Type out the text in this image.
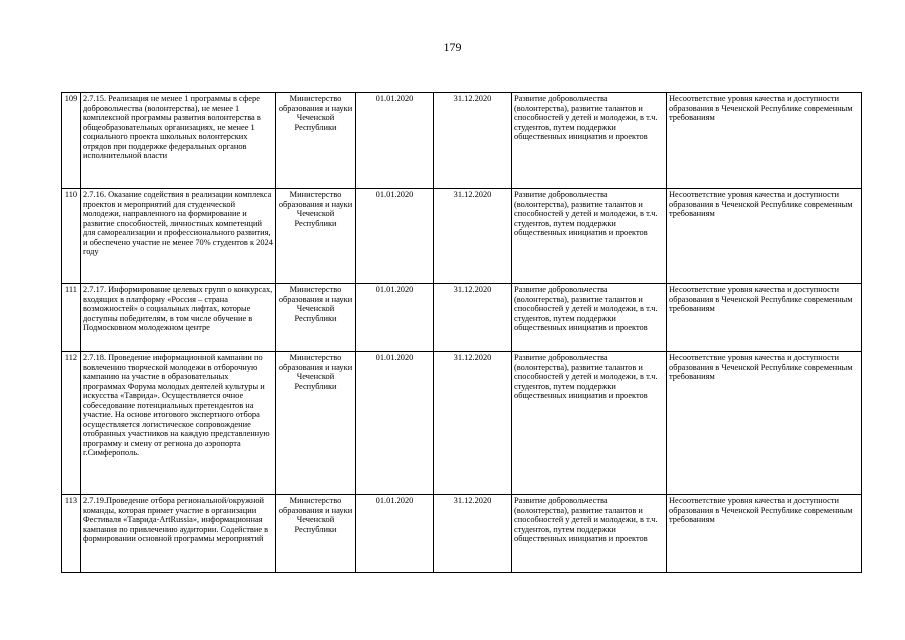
179
109	2.7.15. Реализация не менее 1 программы в сфере добровольчества (волонтерства), не менее 1 комплексной программы развития волонтерства в общеобразовательных организациях, не менее 1 социального проекта школьных волонтерских отрядов при поддержке федеральных органов исполнительной власти	Министерство образования и науки Чеченской Республики	01.01.2020	31.12.2020	Развитие добровольчества (волонтерства), развитие талантов и способностей у детей и молодежи, в т.ч. студентов, путем поддержки общественных инициатив и проектов	Несоответствие уровня качества и доступности образования в Чеченской Республике современным требованиям
110	2.7.16. Оказание содействия в реализации комплекса проектов и мероприятий для студенческой молодежи, направленного на формирование и развитие способностей, личностных компетенций для самореализации и профессионального развития, и обеспечено участие не менее 70% студентов к 2024 году	Министерство образования и науки Чеченской Республики	01.01.2020	31.12.2020	Развитие добровольчества (волонтерства), развитие талантов и способностей у детей и молодежи, в т.ч. студентов, путем поддержки общественных инициатив и проектов	Несоответствие уровня качества и доступности образования в Чеченской Республике современным требованиям
111	2.7.17. Информирование целевых групп о конкурсах, входящих в платформу «Россия – страна возможностей» о социальных лифтах, которые доступны победителям, в том числе обучение в Подмосковном молодежном центре	Министерство образования и науки Чеченской Республики	01.01.2020	31.12.2020	Развитие добровольчества (волонтерства), развитие талантов и способностей у детей и молодежи, в т.ч. студентов, путем поддержки общественных инициатив и проектов	Несоответствие уровня качества и доступности образования в Чеченской Республике современным требованиям
112	2.7.18. Проведение информационной кампании по вовлечению творческой молодежи в отборочную кампанию на участие в образовательных программах Форума молодых деятелей культуры и искусства «Таврида». Осуществляется очное собеседование потенциальных претендентов на участие. На основе итогового экспертного отбора осуществляется логистическое сопровождение отобранных участников на каждую представленную программу и смену от региона до аэропорта г.Симферополь.	Министерство образования и науки Чеченской Республики	01.01.2020	31.12.2020	Развитие добровольчества (волонтерства), развитие талантов и способностей у детей и молодежи, в т.ч. студентов, путем поддержки общественных инициатив и проектов	Несоответствие уровня качества и доступности образования в Чеченской Республике современным требованиям
113	2.7.19.Проведение отбора региональной/окружной команды, которая примет участие в организации Фестиваля «Таврида-ArtRussia», информационная кампания по привлечению аудитории. Содействие в формировании основной программы мероприятий	Министерство образования и науки Чеченской Республики	01.01.2020	31.12.2020	Развитие добровольчества (волонтерства), развитие талантов и способностей у детей и молодежи, в т.ч. студентов, путем поддержки общественных инициатив и проектов	Несоответствие уровня качества и доступности образования в Чеченской Республике современным требованиям
